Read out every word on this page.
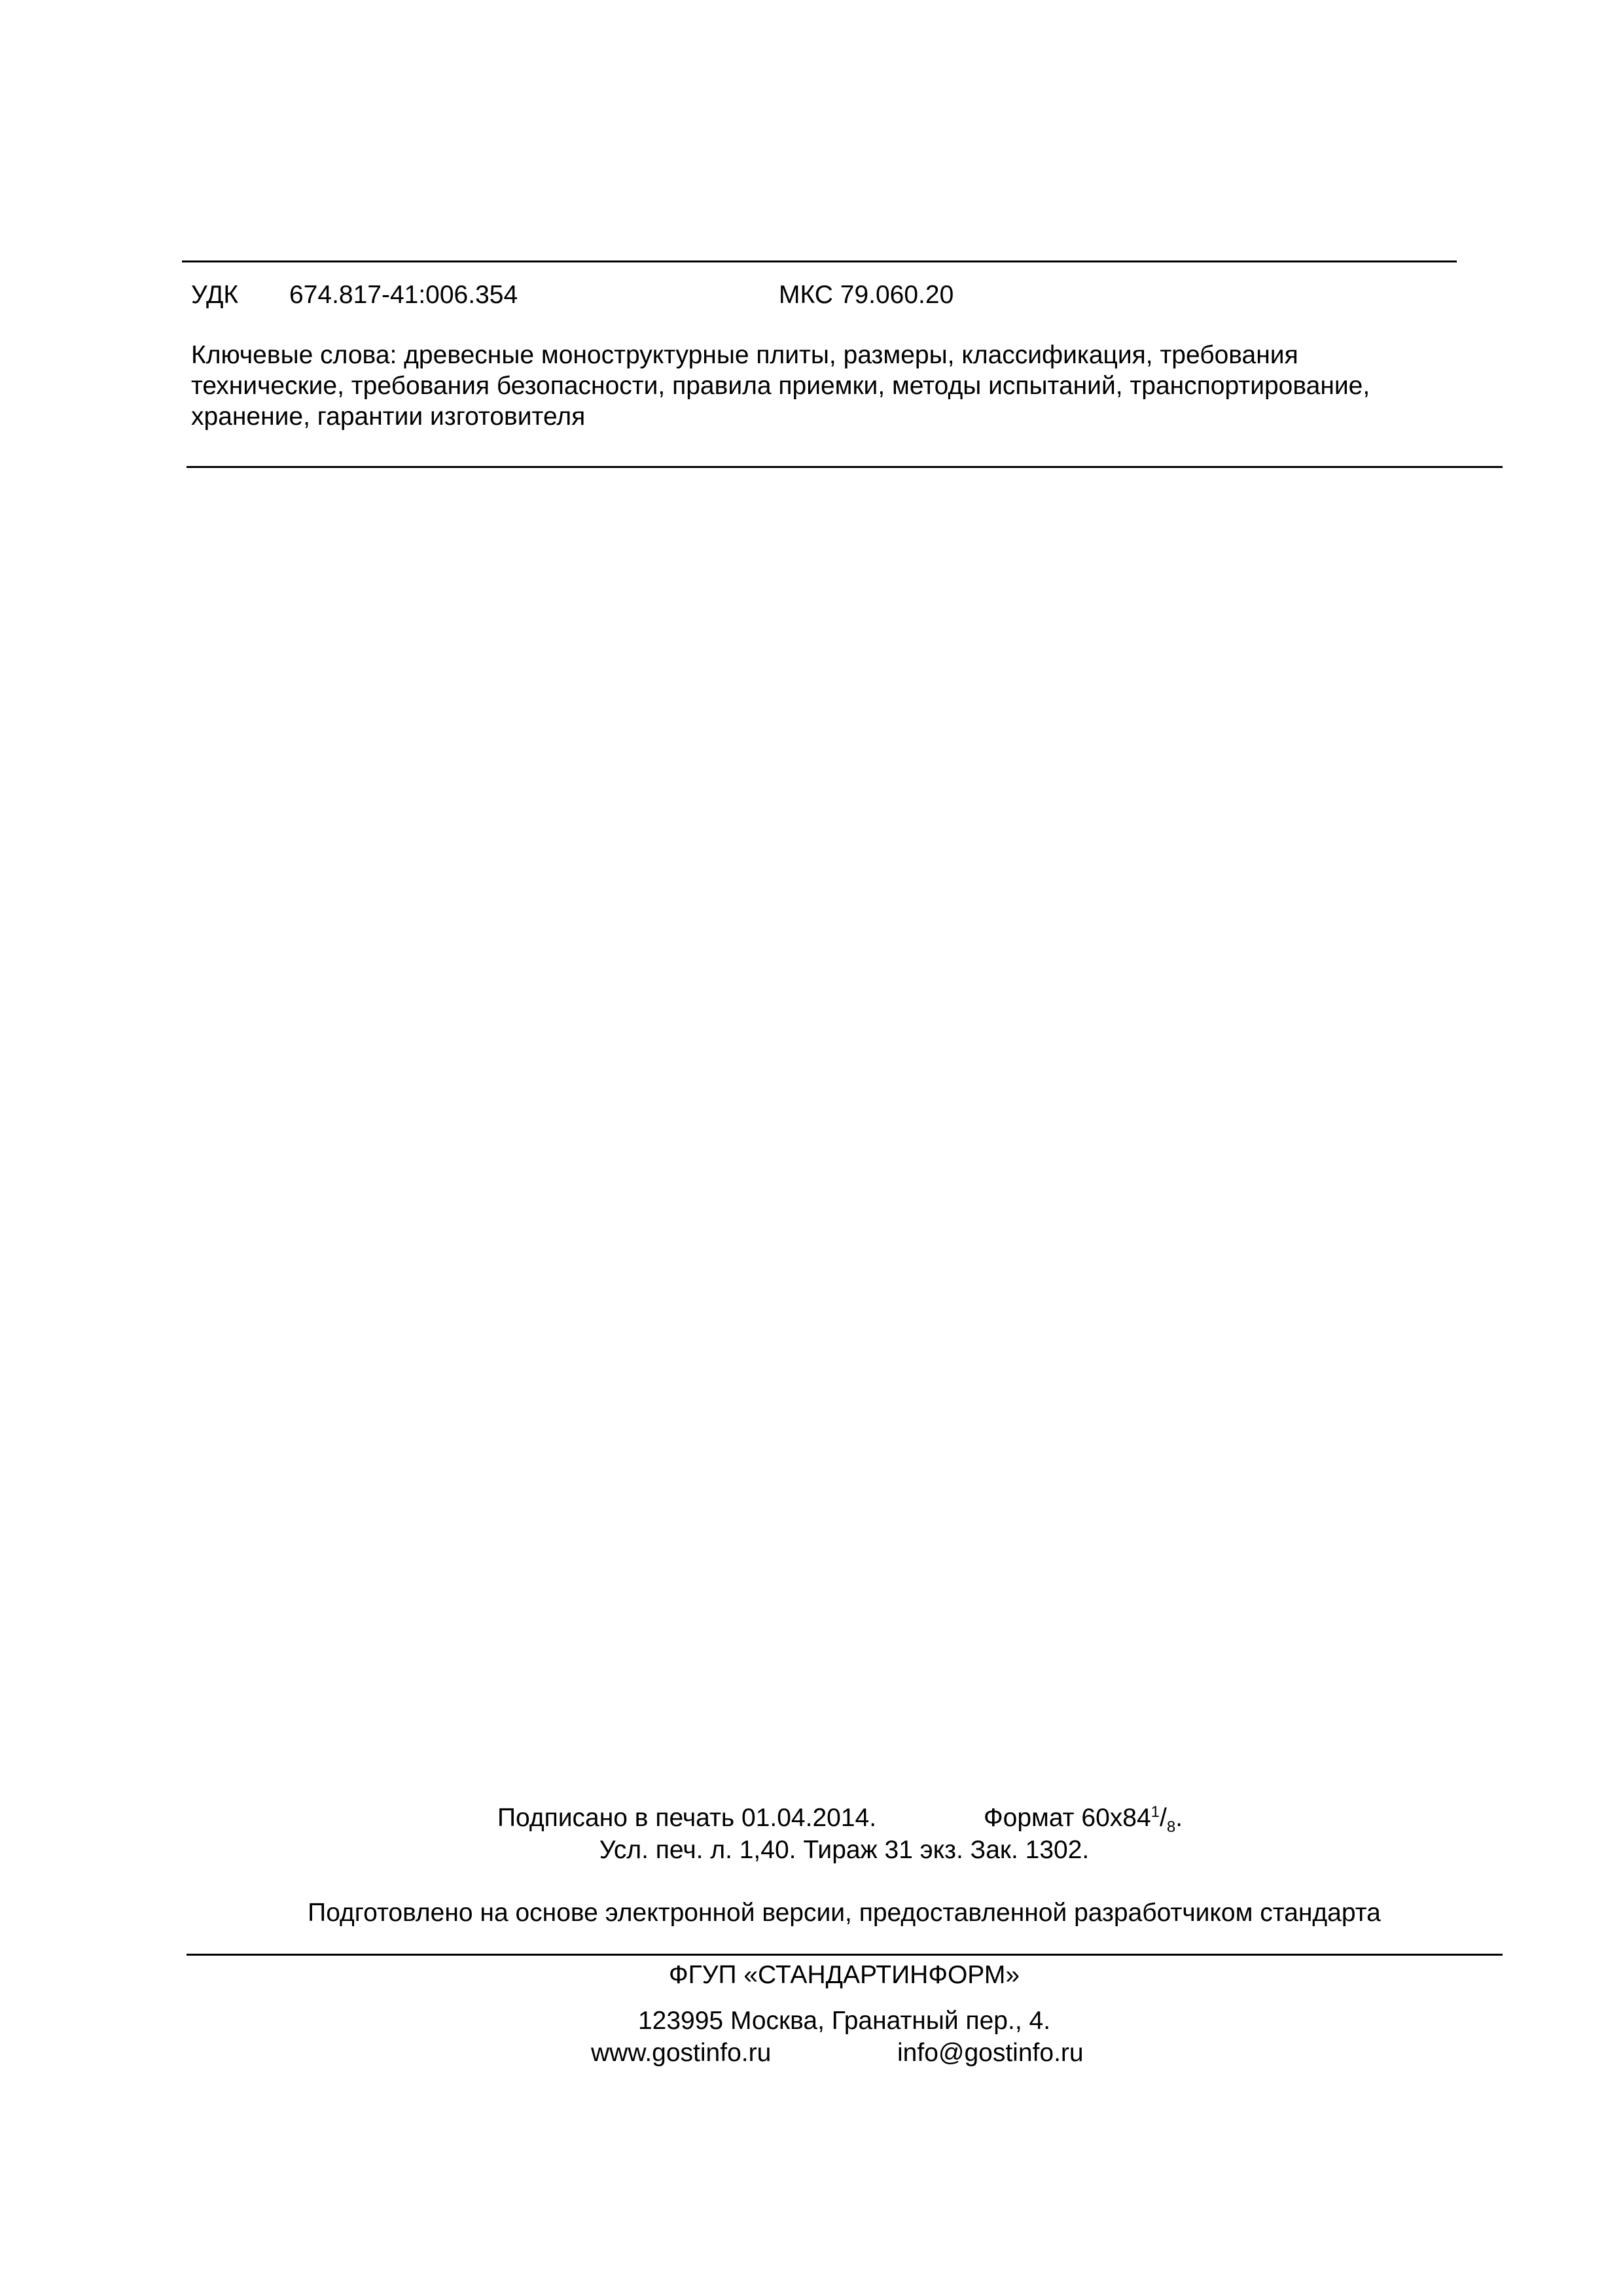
УДК 674.817-41:006.354	МКС 79.060.20
Ключевые слова: древесные моноструктурные плиты, размеры, классификация, требования
технические, требования безопасности, правила приемки, методы испытаний, транспортирование,
хранение, гарантии изготовителя
Подписано в печать 01.04.2014.	Формат $60х84^1/_8$.
Усл. печ. л. 1,40. Тираж 31 экз. Зак. 1302.
Подготовлено на основе электронной версии, предоставленной разработчиком стандарта
ФГУП «СТАНДАРТИНФОРМ»
123995 Москва, Гранатный пер., 4.
www.gostinfo.ru	info@gostinfo.ru
